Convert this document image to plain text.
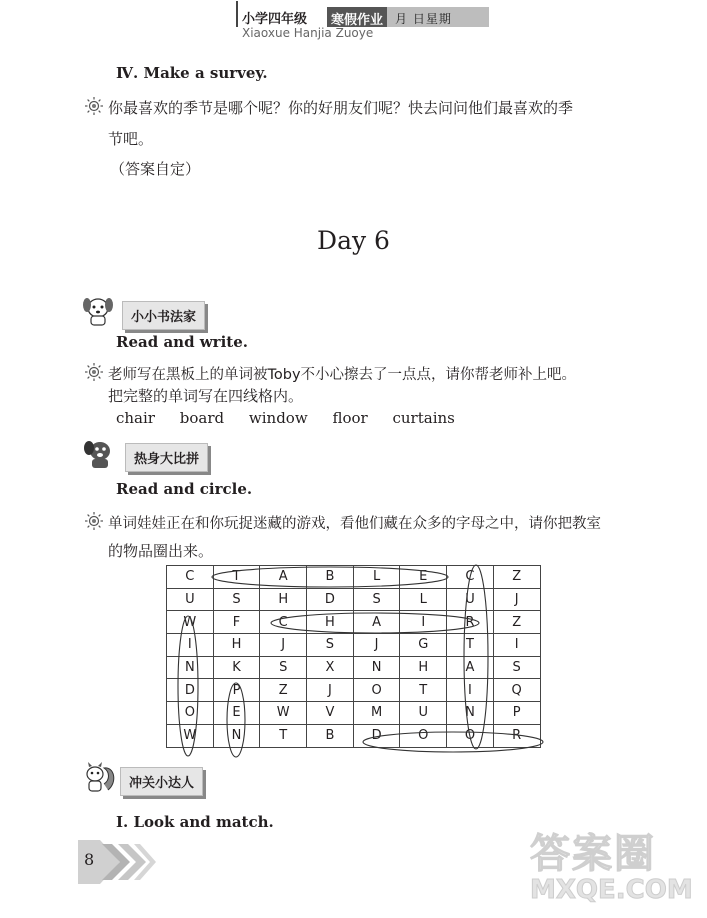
小学四年级	寒假作业	月 日星期
Xiaoxue Hanjia Zuoye
Ⅳ. Make a survey.
你最喜欢的季节是哪个呢？你的好朋友们呢？快去问问他们最喜欢的季
节吧。
（答案自定）
Day 6
小小书法家
Read and write.
老师写在黑板上的单词被Toby不小心擦去了一点点，请你帮老师补上吧。
把完整的单词写在四线格内。
chair board window floor curtains
热身大比拼
Read and circle.
单词娃娃正在和你玩捉迷藏的游戏，看他们藏在众多的字母之中，请你把教室
的物品圈出来。
C	T	A	B	L	E	C	Z
U	S	H	D	S	L	U	J
W	F	C	H	A	I	R	Z
I	H	J	S	J	G	T	I
N	K	S	X	N	H	A	S
D	P	Z	J	O	T	I	Q
O	E	W	V	M	U	N	P
W	N	T	B	D	O	O	R
冲关小达人
Ⅰ. Look and match.
8	答案圈
MXQE.COM
